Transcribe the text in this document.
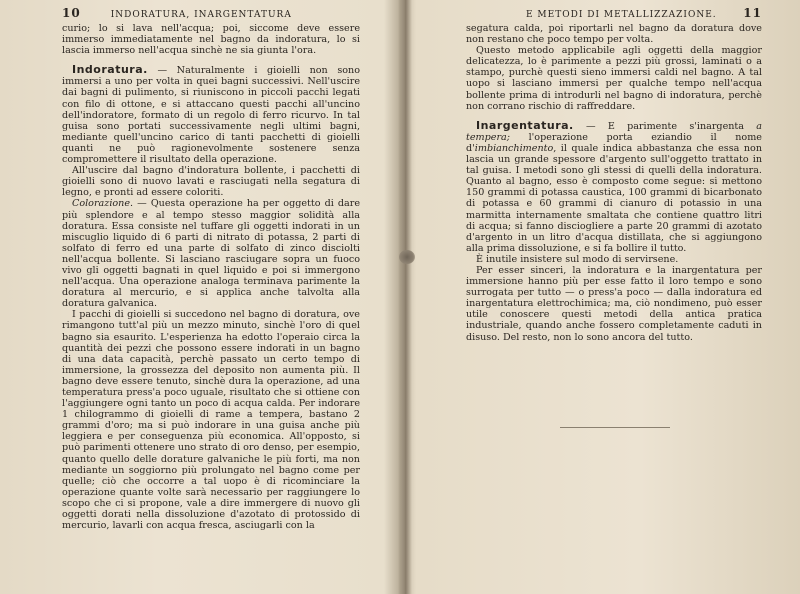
10	INDORATURA, INARGENTATURA

curio; lo si lava nell'acqua; poi, siccome deve essere immerso immediatamente nel bagno da indoratura, lo si lascia immerso nell'acqua sinchè ne sia giunta l'ora.

Indoratura. — Naturalmente i gioielli non sono immersi a uno per volta in quei bagni successivi. Nell'uscire dai bagni di pulimento, si riuniscono in piccoli pacchi legati con filo di ottone, e si attaccano questi pacchi all'uncino dell'indoratore, formato di un regolo di ferro ricurvo. In tal guisa sono portati successivamente negli ultimi bagni, mediante quell'uncino carico di tanti pacchetti di gioielli quanti ne può ragionevolmente sostenere senza compromettere il risultato della operazione.

All'uscire dal bagno d'indoratura bollente, i pacchetti di gioielli sono di nuovo lavati e rasciugati nella segatura di legno, e pronti ad essere coloriti.

Colorazione. — Questa operazione ha per oggetto di dare più splendore e al tempo stesso maggior solidità alla doratura. Essa consiste nel tuffare gli oggetti indorati in un miscuglio liquido di 6 parti di nitrato di potassa, 2 parti di solfato di ferro ed una parte di solfato di zinco disciolti nell'acqua bollente. Si lasciano rasciugare sopra un fuoco vivo gli oggetti bagnati in quel liquido e poi si immergono nell'acqua. Una operazione analoga terminava parimente la doratura al mercurio, e si applica anche talvolta alla doratura galvanica.

I pacchi di gioielli si succedono nel bagno di doratura, ove rimangono tutt'al più un mezzo minuto, sinchè l'oro di quel bagno sia esaurito. L'esperienza ha edotto l'operaio circa la quantità dei pezzi che possono essere indorati in un bagno di una data capacità, perchè passato un certo tempo di immersione, la grossezza del deposito non aumenta più. Il bagno deve essere tenuto, sinchè dura la operazione, ad una temperatura press'a poco uguale, risultato che si ottiene con l'aggiungere ogni tanto un poco di acqua calda. Per indorare 1 chilogrammo di gioielli di rame a tempera, bastano 2 grammi d'oro; ma si può indorare in una guisa anche più leggiera e per conseguenza più economica. All'opposto, si può parimenti ottenere uno strato di oro denso, per esempio, quanto quello delle dorature galvaniche le più forti, ma non mediante un soggiorno più prolungato nel bagno come per quelle; ciò che occorre a tal uopo è di ricominciare la operazione quante volte sarà necessario per raggiungere lo scopo che ci si propone, vale a dire immergere di nuovo gli oggetti dorati nella dissoluzione d'azotato di protossido di mercurio, lavarli con acqua fresca, asciugarli con la

E METODI DI METALLIZZAZIONE. 11

segatura calda, poi riportarli nel bagno da doratura dove non restano che poco tempo per volta.

Questo metodo applicabile agli oggetti della maggior delicatezza, lo è parimente a pezzi più grossi, laminati o a stampo, purchè questi sieno immersi caldi nel bagno. A tal uopo si lasciano immersi per qualche tempo nell'acqua bollente prima di introdurli nel bagno di indoratura, perchè non corrano rischio di raffreddare.

Inargentatura. — E parimente s'inargenta a tempera; l'operazione porta eziandio il nome d'imbianchimento, il quale indica abbastanza che essa non lascia un grande spessore d'argento sull'oggetto trattato in tal guisa. I metodi sono gli stessi di quelli della indoratura. Quanto al bagno, esso è composto come segue: si mettono 150 grammi di potassa caustica, 100 grammi di bicarbonato di potassa e 60 grammi di cianuro di potassio in una marmitta internamente smaltata che contiene quattro litri di acqua; si fanno disciogliere a parte 20 grammi di azotato d'argento in un litro d'acqua distillata, che si aggiungono alla prima dissoluzione, e si fa bollire il tutto.

È inutile insistere sul modo di servirsene.

Per esser sinceri, la indoratura e la inargentatura per immersione hanno più per esse fatto il loro tempo e sono surrogata per tutto — o press'a poco — dalla indoratura ed inargentatura elettrochimica; ma, ciò nondimeno, può esser utile conoscere questi metodi della antica pratica industriale, quando anche fossero completamente caduti in disuso. Del resto, non lo sono ancora del tutto.
